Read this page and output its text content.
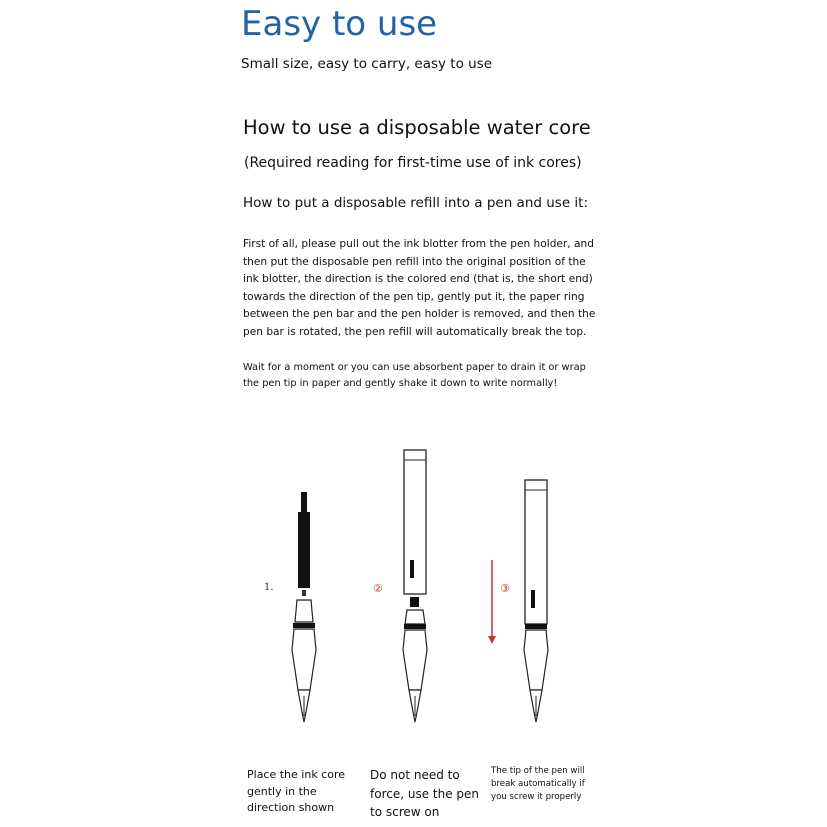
Easy to use
Small size, easy to carry, easy to use
How to use a disposable water core
(Required reading for first-time use of ink cores)
How to put a disposable refill into a pen and use it:
First of all, please pull out the ink blotter from the pen holder, and then put the disposable pen refill into the original position of the ink blotter, the direction is the colored end (that is, the short end) towards the direction of the pen tip, gently put it, the paper ring between the pen bar and the pen holder is removed, and then the pen bar is rotated, the pen refill will automatically break the top.
Wait for a moment or you can use absorbent paper to drain it or wrap the pen tip in paper and gently shake it down to write normally!
1.	②	③
Place the ink core gently in the direction shown
Do not need to force, use the pen to screw on
The tip of the pen will break automatically if you screw it properly
